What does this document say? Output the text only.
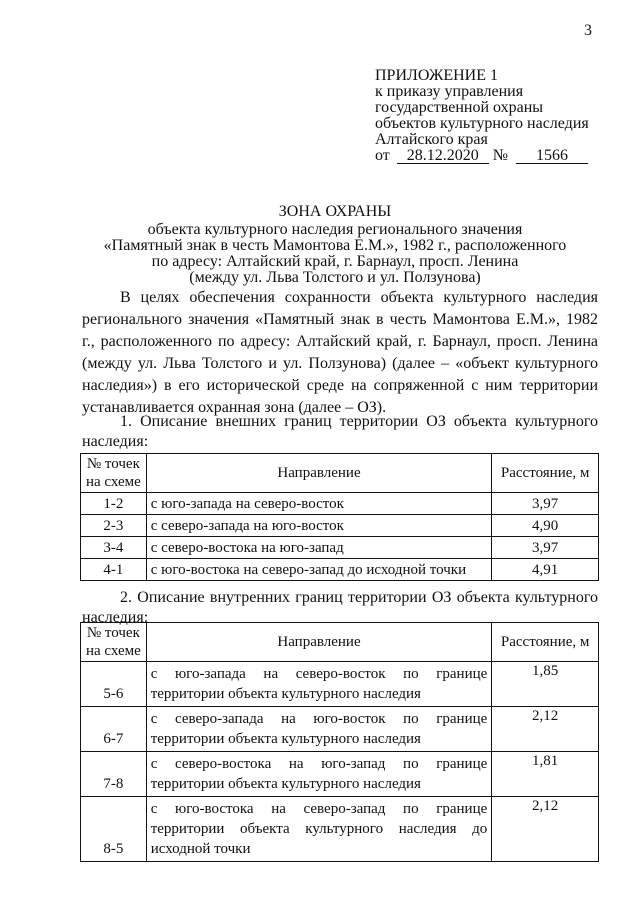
3
ПРИЛОЖЕНИЕ 1
к приказу управления
государственной охраны
объектов культурного наследия
Алтайского края
от 28.12.2020 № 1566
ЗОНА ОХРАНЫ
объекта культурного наследия регионального значения
«Памятный знак в честь Мамонтова Е.М.», 1982 г., расположенного
по адресу: Алтайский край, г. Барнаул, просп. Ленина
(между ул. Льва Толстого и ул. Ползунова)

В целях обеспечения сохранности объекта культурного наследия регионального значения «Памятный знак в честь Мамонтова Е.М.», 1982 г., расположенного по адресу: Алтайский край, г. Барнаул, просп. Ленина (между ул. Льва Толстого и ул. Ползунова) (далее – «объект культурного наследия») в его исторической среде на сопряженной с ним территории устанавливается охранная зона (далее – ОЗ).

1. Описание внешних границ территории ОЗ объекта культурного наследия:

№ точек на схеме	Направление	Расстояние, м
1-2	с юго-запада на северо-восток	3,97
2-3	с северо-запада на юго-восток	4,90
3-4	с северо-востока на юго-запад	3,97
4-1	с юго-востока на северо-запад до исходной точки	4,91

2. Описание внутренних границ территории ОЗ объекта культурного наследия:

№ точек на схеме	Направление	Расстояние, м
5-6	с юго-запада на северо-восток по границе территории объекта культурного наследия	1,85
6-7	с северо-запада на юго-восток по границе территории объекта культурного наследия	2,12
7-8	с северо-востока на юго-запад по границе территории объекта культурного наследия	1,81
8-5	с юго-востока на северо-запад по границе территории объекта культурного наследия до исходной точки	2,12
